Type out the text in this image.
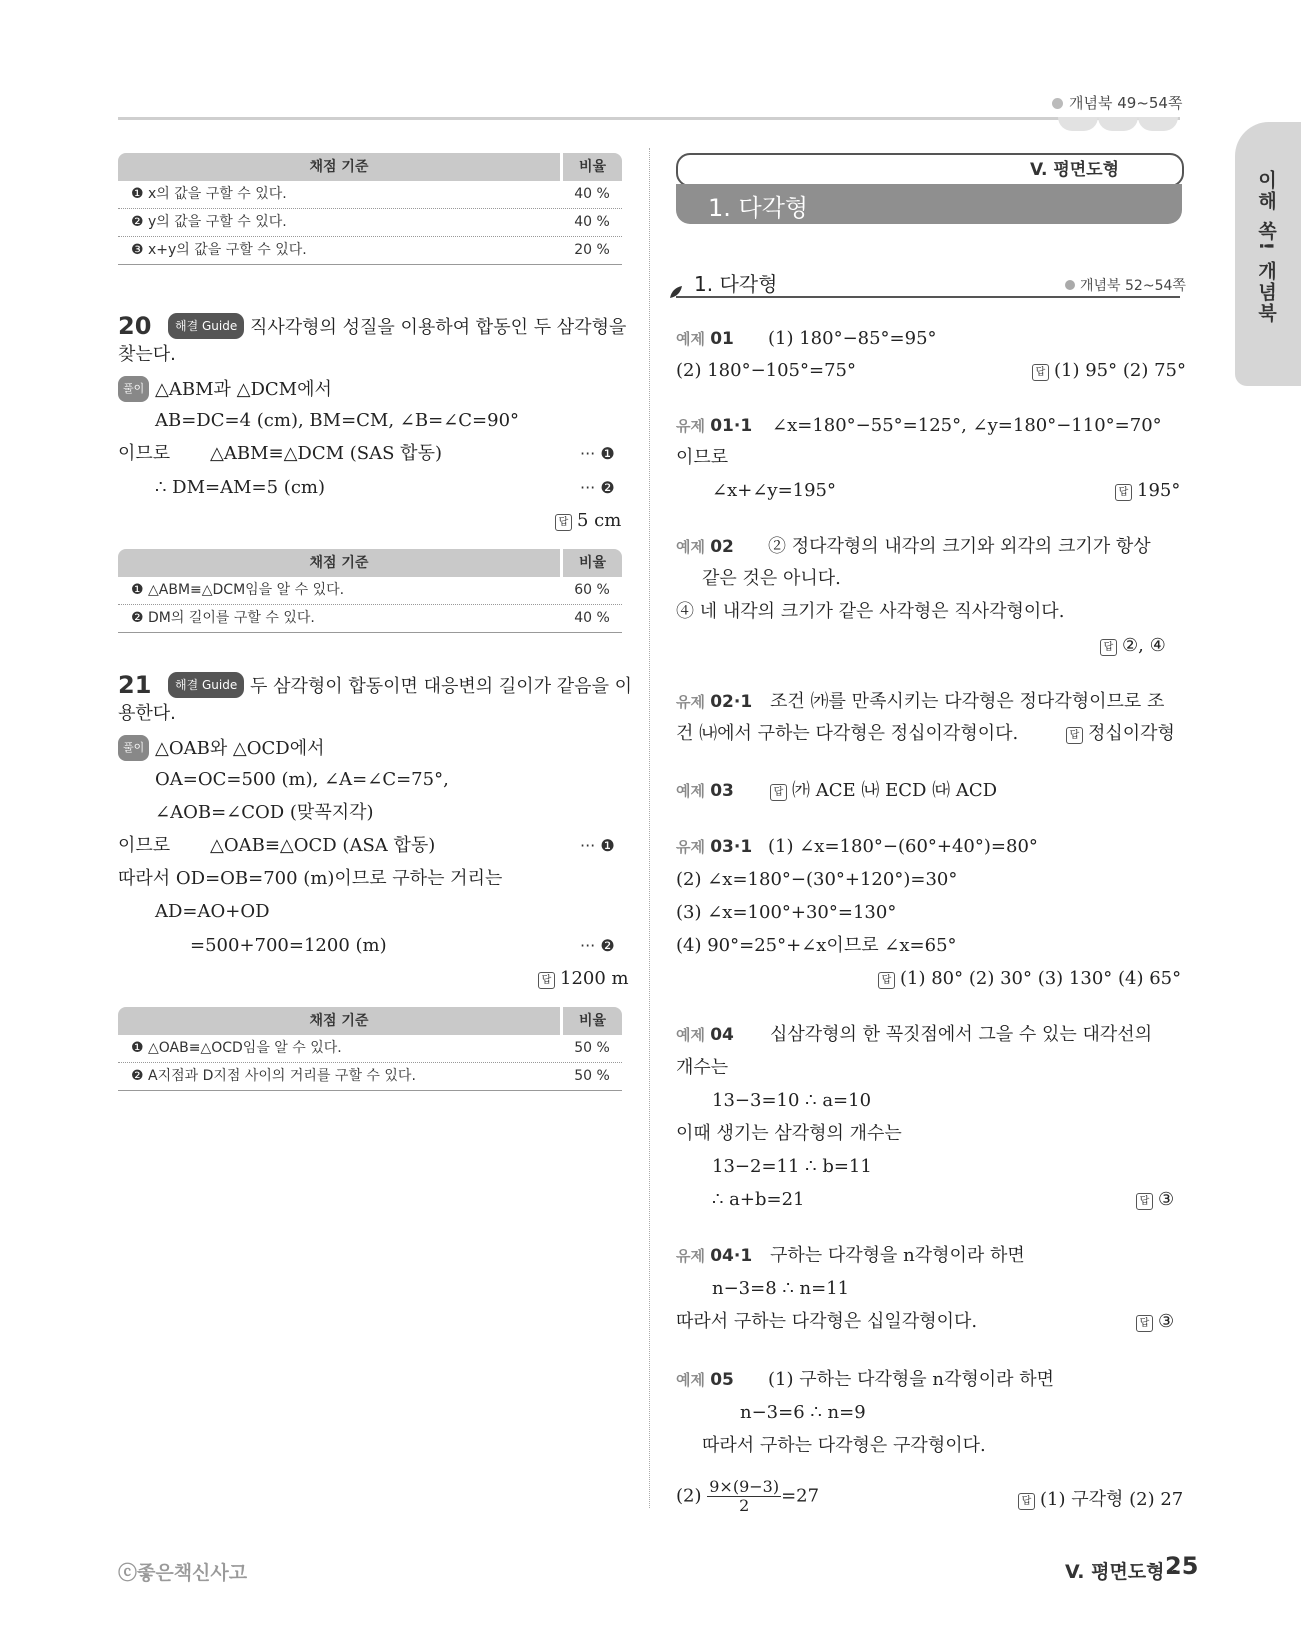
개념북 49~54쪽
이해 쏙! 개념북
채점 기준	비율
❶ x의 값을 구할 수 있다.	40 %
❷ y의 값을 구할 수 있다.	40 %
❸ x+y의 값을 구할 수 있다.	20 %
20	해결 Guide 직사각형의 성질을 이용하여 합동인 두 삼각형을
찾는다.
풀이 △ABM과 △DCM에서
AB=DC=4 (cm), BM=CM, ∠B=∠C=90°
이므로 △ABM≡△DCM (SAS 합동)	··· ❶
∴ DM=AM=5 (cm)	··· ❷
답 5 cm
채점 기준	비율
❶ △ABM≡△DCM임을 알 수 있다.	60 %
❷ DM의 길이를 구할 수 있다.	40 %
21	해결 Guide 두 삼각형이 합동이면 대응변의 길이가 같음을 이
용한다.
풀이 △OAB와 △OCD에서
OA=OC=500 (m), ∠A=∠C=75°,
∠AOB=∠COD (맞꼭지각)
이므로 △OAB≡△OCD (ASA 합동)	··· ❶
따라서 OD=OB=700 (m)이므로 구하는 거리는
AD=AO+OD
=500+700=1200 (m)	··· ❷
답 1200 m
채점 기준	비율
❶ △OAB≡△OCD임을 알 수 있다.	50 %
❷ A지점과 D지점 사이의 거리를 구할 수 있다.	50 %
V. 평면도형
1. 다각형
1. 다각형	개념북 52~54쪽
예제 01 (1) 180°−85°=95°
(2) 180°−105°=75°	답 (1) 95° (2) 75°
유제 01·1 ∠x=180°−55°=125°, ∠y=180°−110°=70°
이므로
∠x+∠y=195°	답 195°
예제 02 ② 정다각형의 내각의 크기와 외각의 크기가 항상
같은 것은 아니다.
④ 네 내각의 크기가 같은 사각형은 직사각형이다.
답 ②, ④
유제 02·1 조건 ㈎를 만족시키는 다각형은 정다각형이므로 조
건 ㈏에서 구하는 다각형은 정십이각형이다.	답 정십이각형
예제 03	답 ㈎ ACE ㈏ ECD ㈐ ACD
유제 03·1 (1) ∠x=180°−(60°+40°)=80°
(2) ∠x=180°−(30°+120°)=30°
(3) ∠x=100°+30°=130°
(4) 90°=25°+∠x이므로 ∠x=65°
답 (1) 80° (2) 30° (3) 130° (4) 65°
예제 04 십삼각형의 한 꼭짓점에서 그을 수 있는 대각선의
개수는
13−3=10 ∴ a=10
이때 생기는 삼각형의 개수는
13−2=11 ∴ b=11
∴ a+b=21	답 ③
유제 04·1 구하는 다각형을 n각형이라 하면
n−3=8 ∴ n=11
따라서 구하는 다각형은 십일각형이다.	답 ③
예제 05 (1) 구하는 다각형을 n각형이라 하면
n−3=6 ∴ n=9
따라서 구하는 다각형은 구각형이다.
$(2) \frac{9\times(9-3)}{2} =27$	답 (1) 구각형 (2) 27
ⓒ좋은책신사고	V. 평면도형 ·
25
